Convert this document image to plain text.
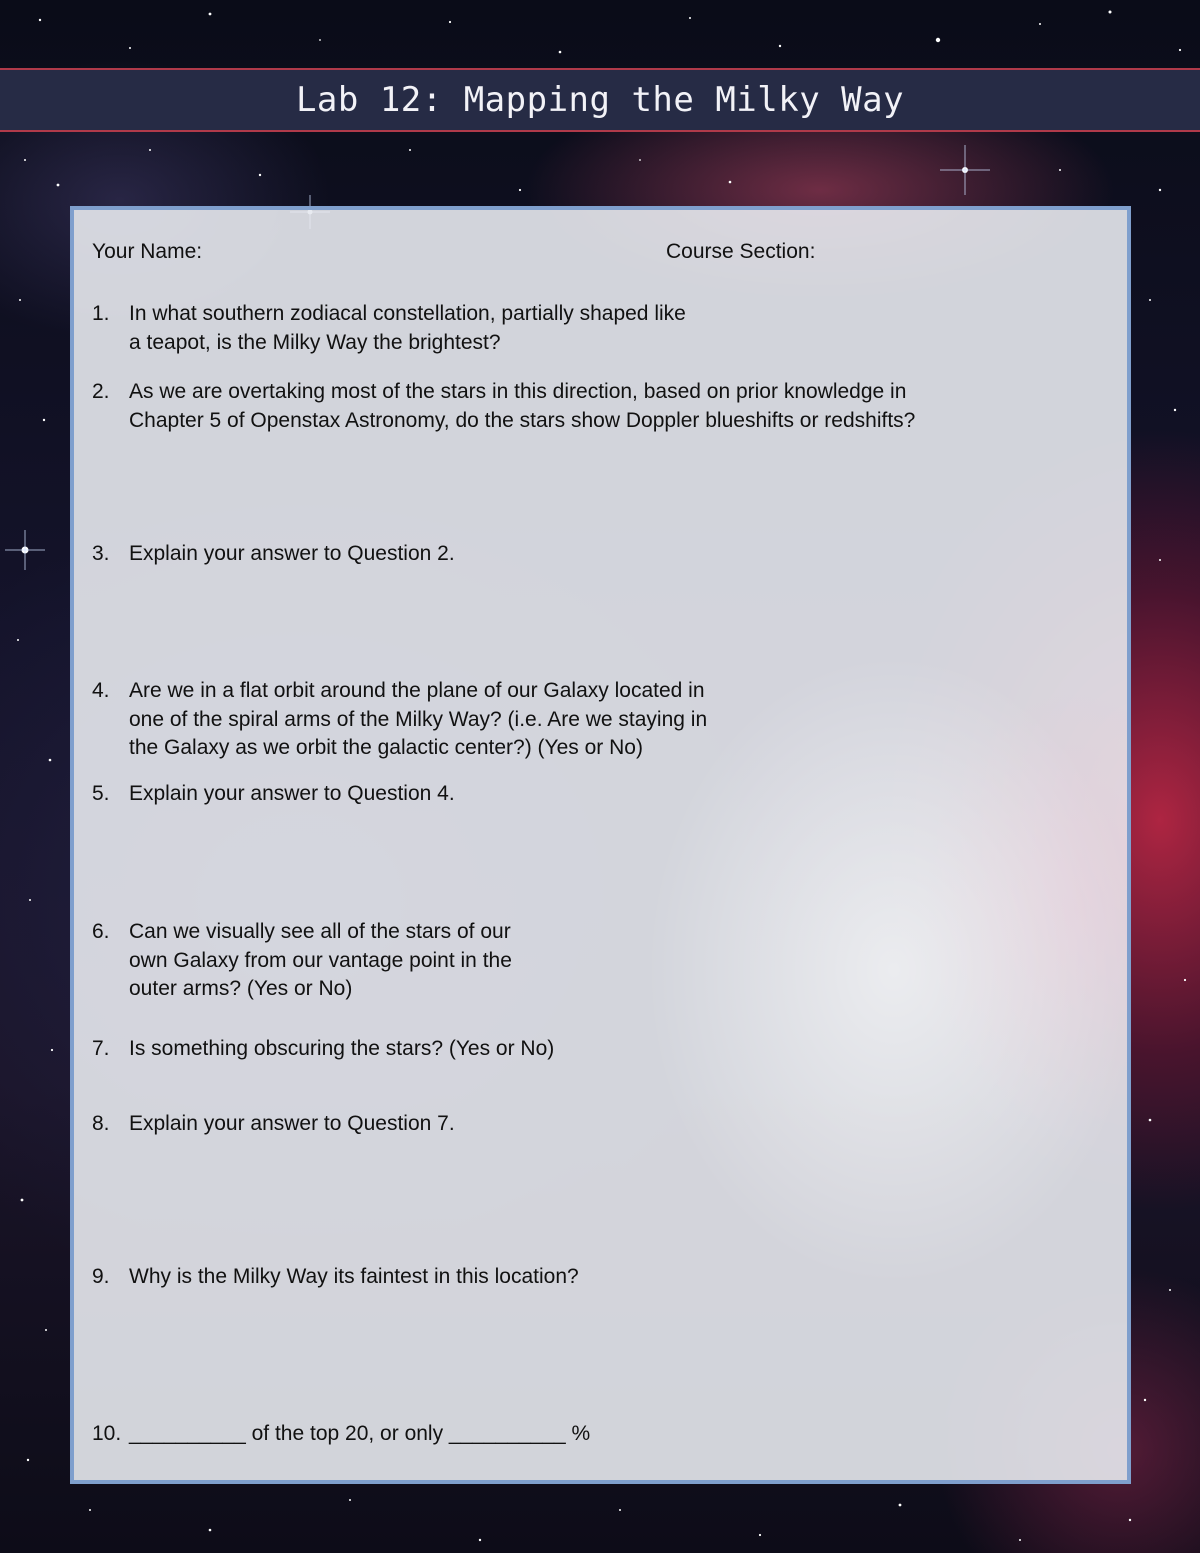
Lab 12: Mapping the Milky Way
Your Name:	Course Section:
1. In what southern zodiacal constellation, partially shaped like
a teapot, is the Milky Way the brightest?
2. As we are overtaking most of the stars in this direction, based on prior knowledge in
Chapter 5 of Openstax Astronomy, do the stars show Doppler blueshifts or redshifts?
3. Explain your answer to Question 2.
4. Are we in a flat orbit around the plane of our Galaxy located in
one of the spiral arms of the Milky Way? (i.e. Are we staying in
the Galaxy as we orbit the galactic center?) (Yes or No)
5. Explain your answer to Question 4.
6. Can we visually see all of the stars of our
own Galaxy from our vantage point in the
outer arms? (Yes or No)
7. Is something obscuring the stars? (Yes or No)
8. Explain your answer to Question 7.
9. Why is the Milky Way its faintest in this location?
10. __________ of the top 20, or only __________ %
